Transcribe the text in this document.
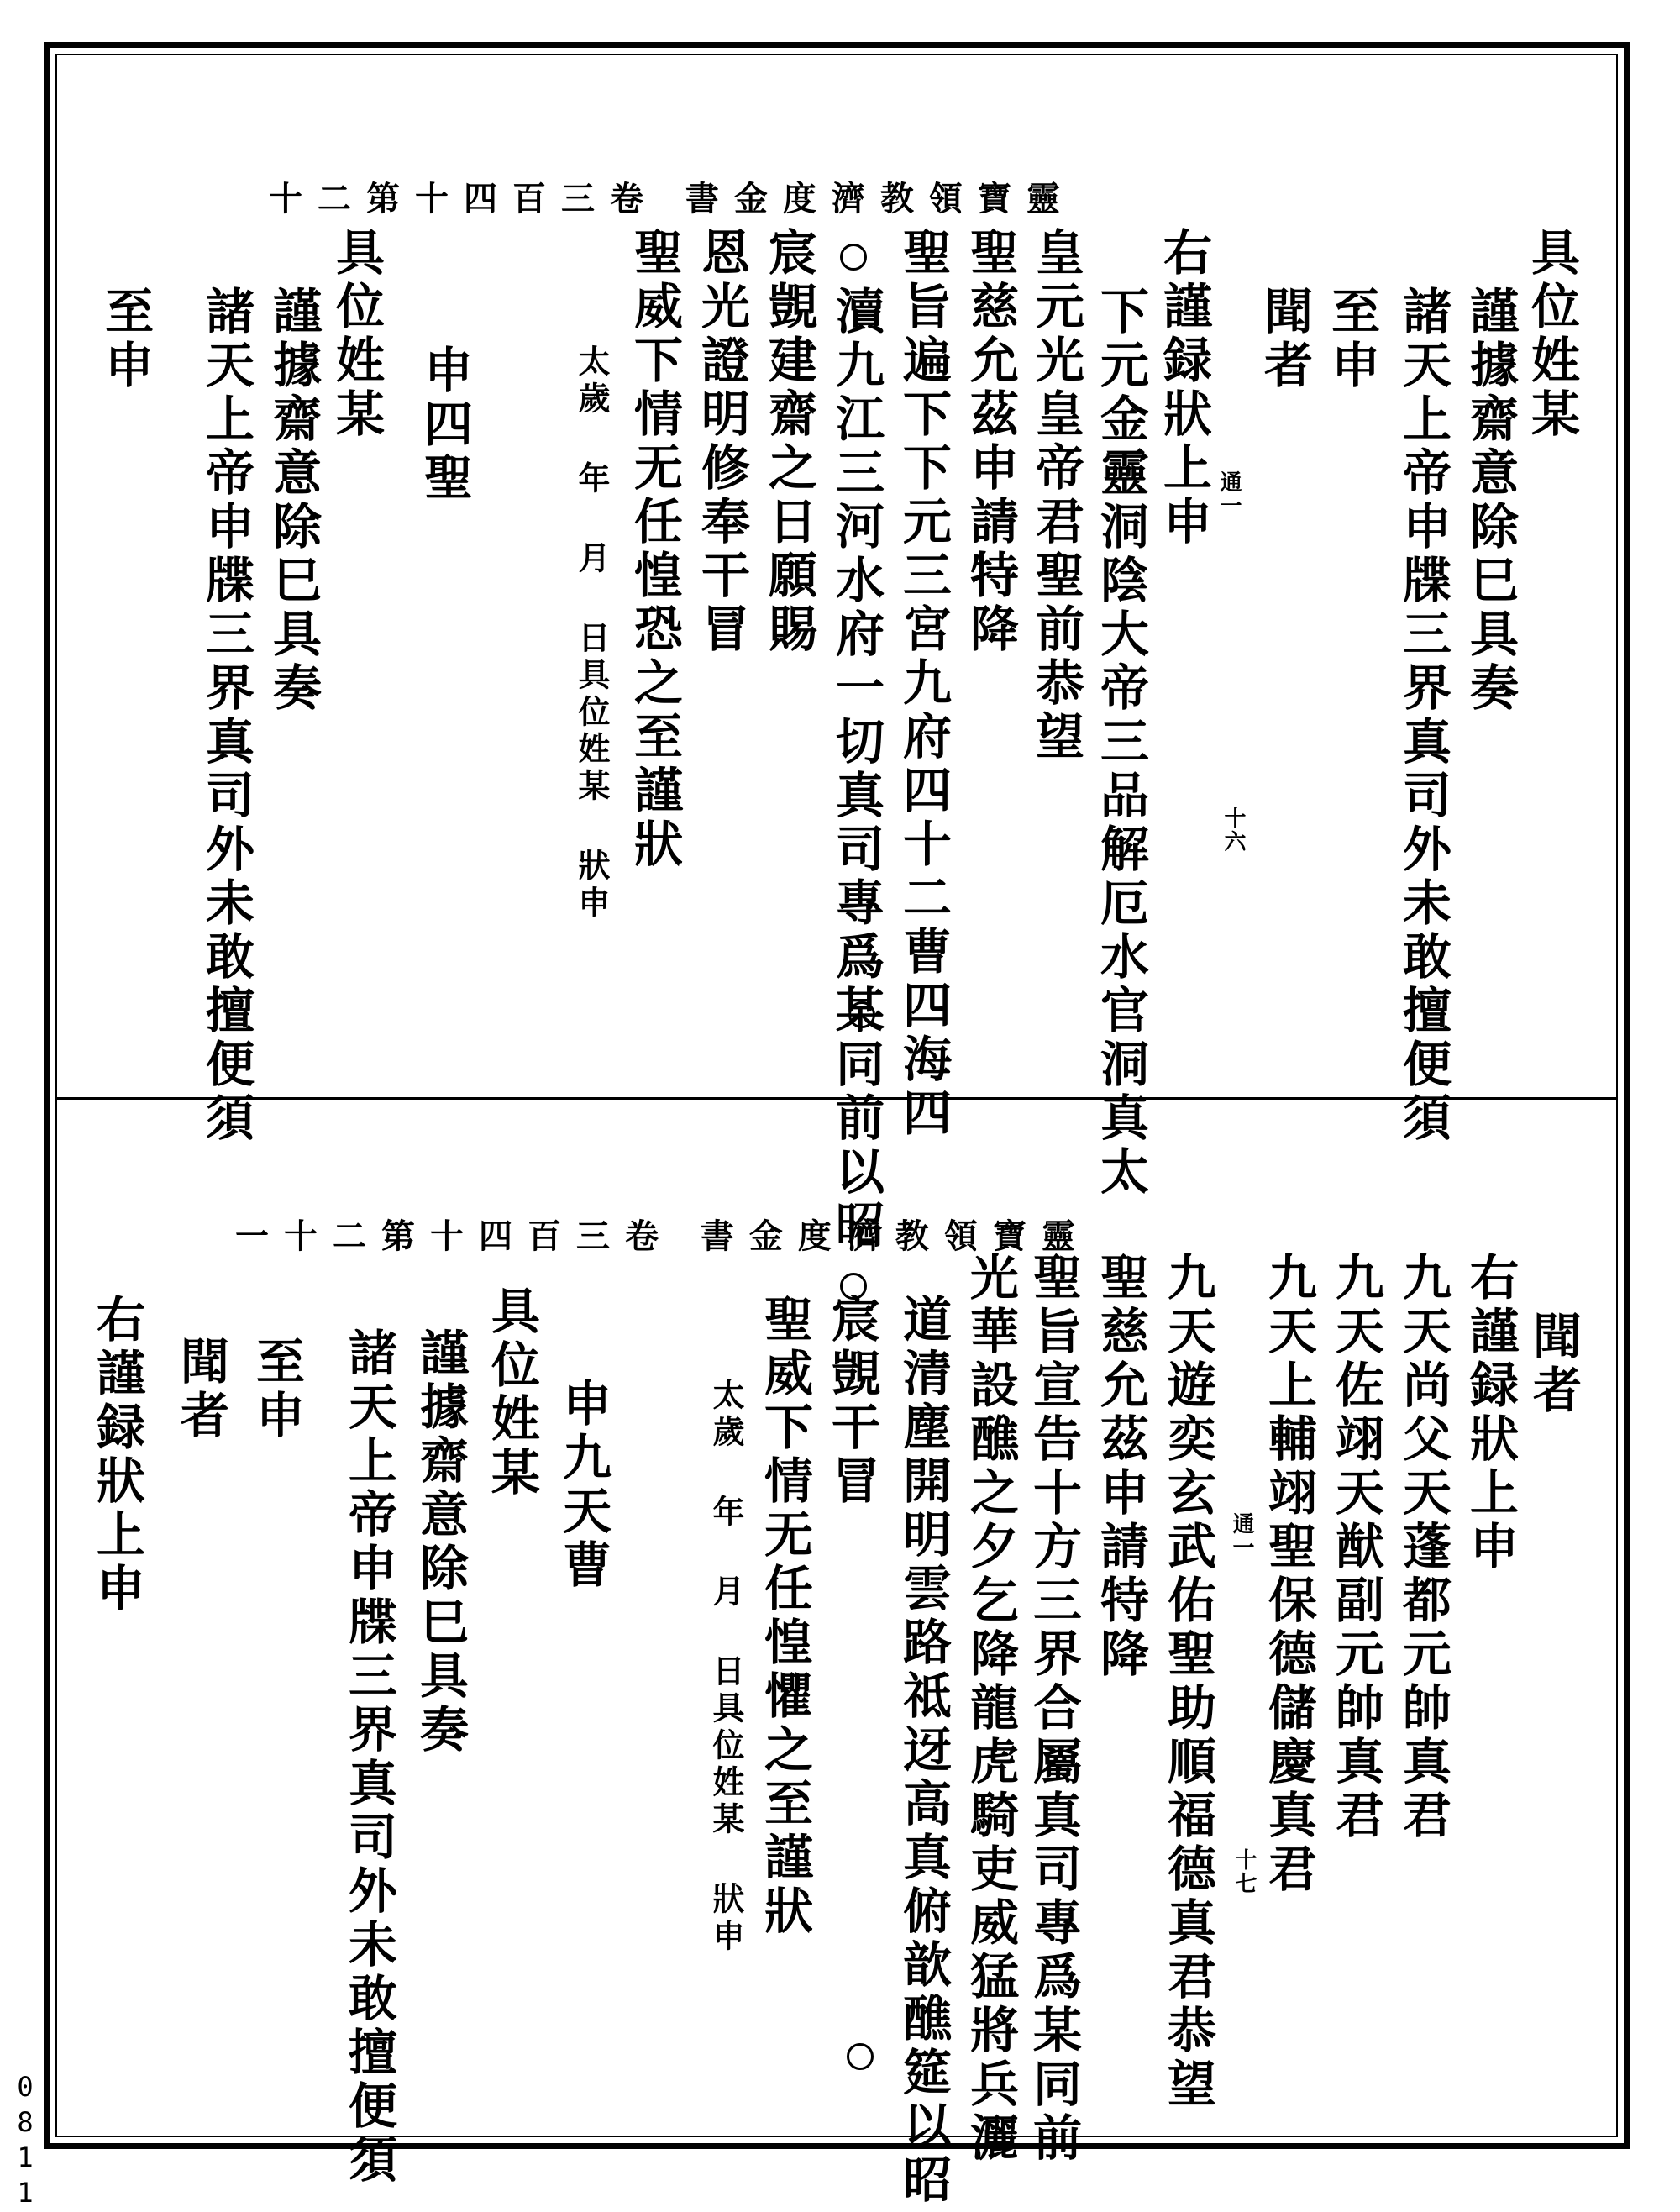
靈寶領教濟度金書 卷三百四十第二十
通一
十六
具位姓某
謹據齋意除巳具奏
諸天上帝申牒三界真司外未敢擅便須
至申
聞者
右謹録狀上申
下元金靈洞陰大帝三品解厄水官洞真太
皇元光皇帝君聖前恭望
聖慈允茲申請特降
聖旨遍下下元三宮九府四十二曹四海四
瀆九江三河水府一切真司專爲某同前以昭
宸覬建齋之日願賜
恩光證明修奉干冒
聖威下情无任惶恐之至謹狀
太歲 年 月 日具位姓某 狀申
申四聖
具位姓某
謹據齋意除巳具奏
諸天上帝申牒三界真司外未敢擅便須
至申
靈寶領教濟度金書 卷三百四十第二十一
通一
十七
聞者
右謹録狀上申
九天尚父天蓬都元帥真君
九天佐翊天猷副元帥真君
九天上輔翊聖保德儲慶真君
九天遊奕玄武佑聖助順福德真君恭望
聖慈允茲申請特降
聖旨宣告十方三界合屬真司專爲某同前
光華設醮之夕乞降龍虎騎吏威猛將兵灑
道清塵開明雲路祗迓高真俯歆醮筵以昭
宸覬干冒
聖威下情无任惶懼之至謹狀
太歲 年 月 日具位姓某 狀申
申九天曹
具位姓某
謹據齋意除巳具奏
諸天上帝申牒三界真司外未敢擅便須
至申
聞者
右謹録狀上申
0811
